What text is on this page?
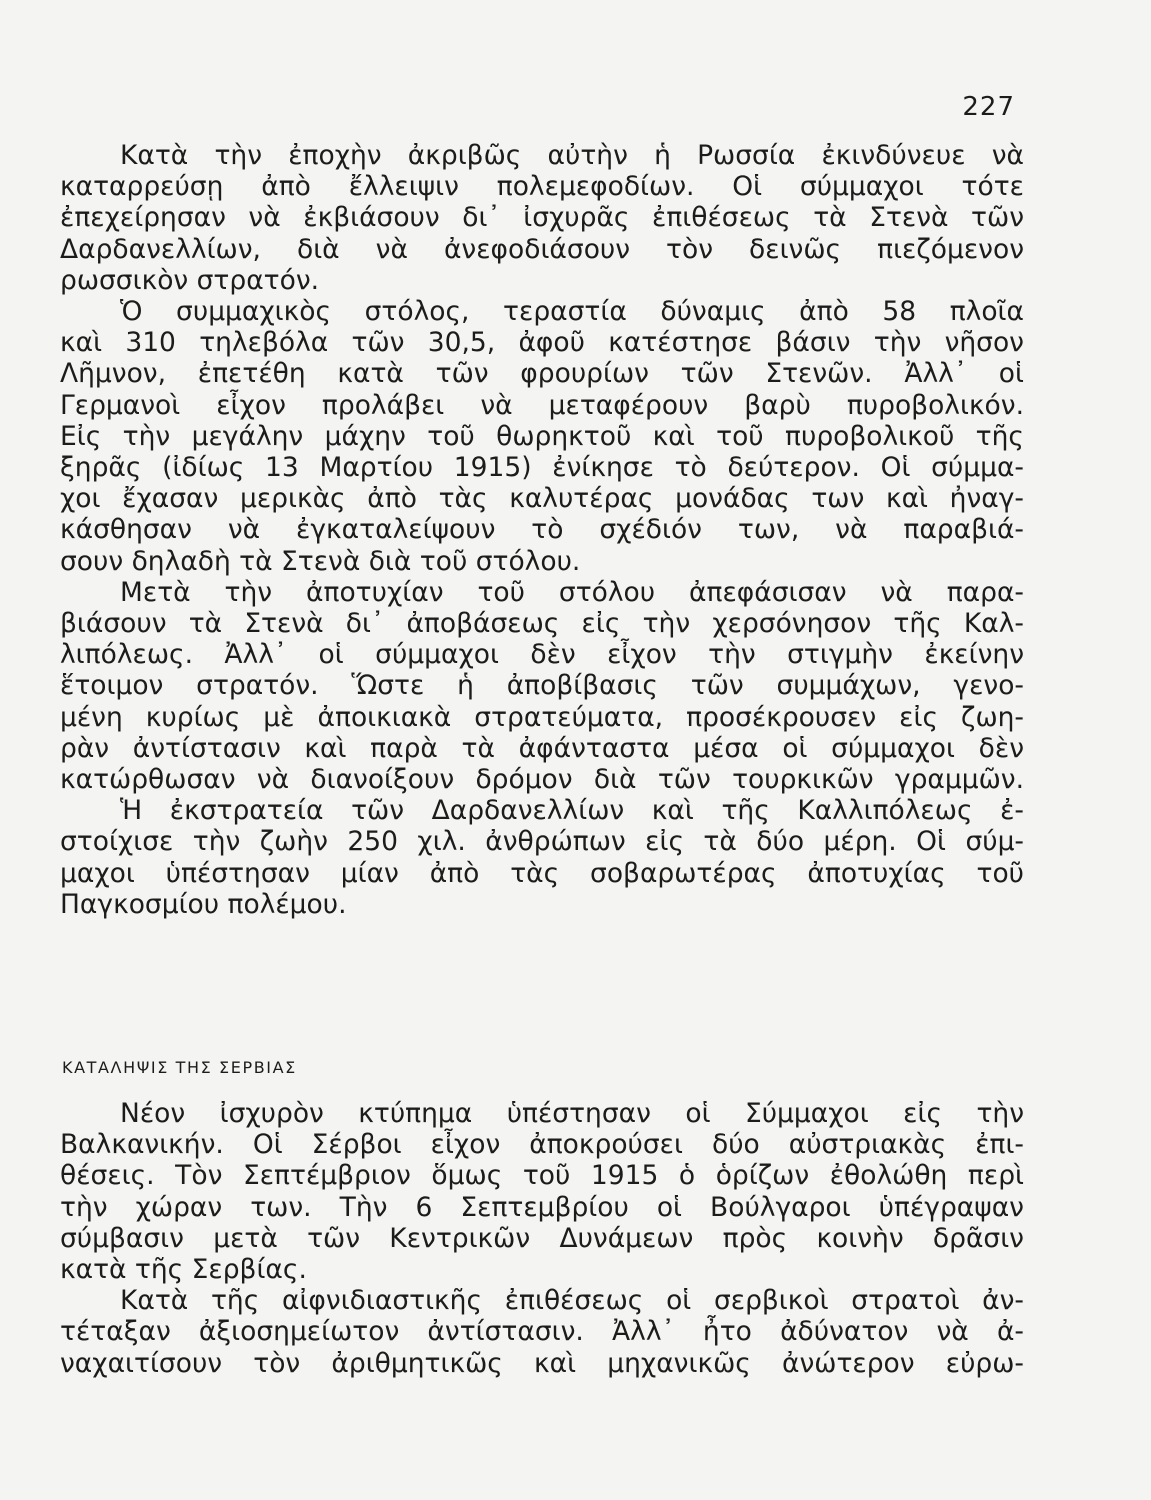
227
Κατὰ τὴν ἐποχὴν ἀκριβῶς αὐτὴν ἡ Ρωσσία ἐκινδύνευε νὰ
καταρρεύσῃ ἀπὸ ἔλλειψιν πολεμεφοδίων. Οἱ σύμμαχοι τότε
ἐπεχείρησαν νὰ ἐκβιάσουν δι᾽ ἰσχυρᾶς ἐπιθέσεως τὰ Στενὰ τῶν
Δαρδανελλίων, διὰ νὰ ἀνεφοδιάσουν τὸν δεινῶς πιεζόμενον
ρωσσικὸν στρατόν.
Ὁ συμμαχικὸς στόλος, τεραστία δύναμις ἀπὸ 58 πλοῖα
καὶ 310 τηλεβόλα τῶν 30,5, ἀφοῦ κατέστησε βάσιν τὴν νῆσον
Λῆμνον, ἐπετέθη κατὰ τῶν φρουρίων τῶν Στενῶν. Ἀλλ᾽ οἱ
Γερμανοὶ εἶχον προλάβει νὰ μεταφέρουν βαρὺ πυροβολικόν.
Εἰς τὴν μεγάλην μάχην τοῦ θωρηκτοῦ καὶ τοῦ πυροβολικοῦ τῆς
ξηρᾶς (ἰδίως 13 Μαρτίου 1915) ἐνίκησε τὸ δεύτερον. Οἱ σύμμα-
χοι ἔχασαν μερικὰς ἀπὸ τὰς καλυτέρας μονάδας των καὶ ἠναγ-
κάσθησαν νὰ ἐγκαταλείψουν τὸ σχέδιόν των, νὰ παραβιά-
σουν δηλαδὴ τὰ Στενὰ διὰ τοῦ στόλου.
Μετὰ τὴν ἀποτυχίαν τοῦ στόλου ἀπεφάσισαν νὰ παρα-
βιάσουν τὰ Στενὰ δι᾽ ἀποβάσεως εἰς τὴν χερσόνησον τῆς Καλ-
λιπόλεως. Ἀλλ᾽ οἱ σύμμαχοι δὲν εἶχον τὴν στιγμὴν ἐκείνην
ἕτοιμον στρατόν. Ὥστε ἡ ἀποβίβασις τῶν συμμάχων, γενο-
μένη κυρίως μὲ ἀποικιακὰ στρατεύματα, προσέκρουσεν εἰς ζωη-
ρὰν ἀντίστασιν καὶ παρὰ τὰ ἀφάνταστα μέσα οἱ σύμμαχοι δὲν
κατώρθωσαν νὰ διανοίξουν δρόμον διὰ τῶν τουρκικῶν γραμμῶν.
Ἡ ἐκστρατεία τῶν Δαρδανελλίων καὶ τῆς Καλλιπόλεως ἐ-
στοίχισε τὴν ζωὴν 250 χιλ. ἀνθρώπων εἰς τὰ δύο μέρη. Οἱ σύμ-
μαχοι ὑπέστησαν μίαν ἀπὸ τὰς σοβαρωτέρας ἀποτυχίας τοῦ
Παγκοσμίου πολέμου.
ΚΑΤΑΛΗΨΙΣ ΤΗΣ ΣΕΡΒΙΑΣ
Νέον ἰσχυρὸν κτύπημα ὑπέστησαν οἱ Σύμμαχοι εἰς τὴν
Βαλκανικήν. Οἱ Σέρβοι εἶχον ἀποκρούσει δύο αὐστριακὰς ἐπι-
θέσεις. Τὸν Σεπτέμβριον ὅμως τοῦ 1915 ὁ ὁρίζων ἐθολώθη περὶ
τὴν χώραν των. Τὴν 6 Σεπτεμβρίου οἱ Βούλγαροι ὑπέγραψαν
σύμβασιν μετὰ τῶν Κεντρικῶν Δυνάμεων πρὸς κοινὴν δρᾶσιν
κατὰ τῆς Σερβίας.
Κατὰ τῆς αἰφνιδιαστικῆς ἐπιθέσεως οἱ σερβικοὶ στρατοὶ ἀν-
τέταξαν ἀξιοσημείωτον ἀντίστασιν. Ἀλλ᾽ ἦτο ἀδύνατον νὰ ἀ-
ναχαιτίσουν τὸν ἀριθμητικῶς καὶ μηχανικῶς ἀνώτερον εὐρω-
